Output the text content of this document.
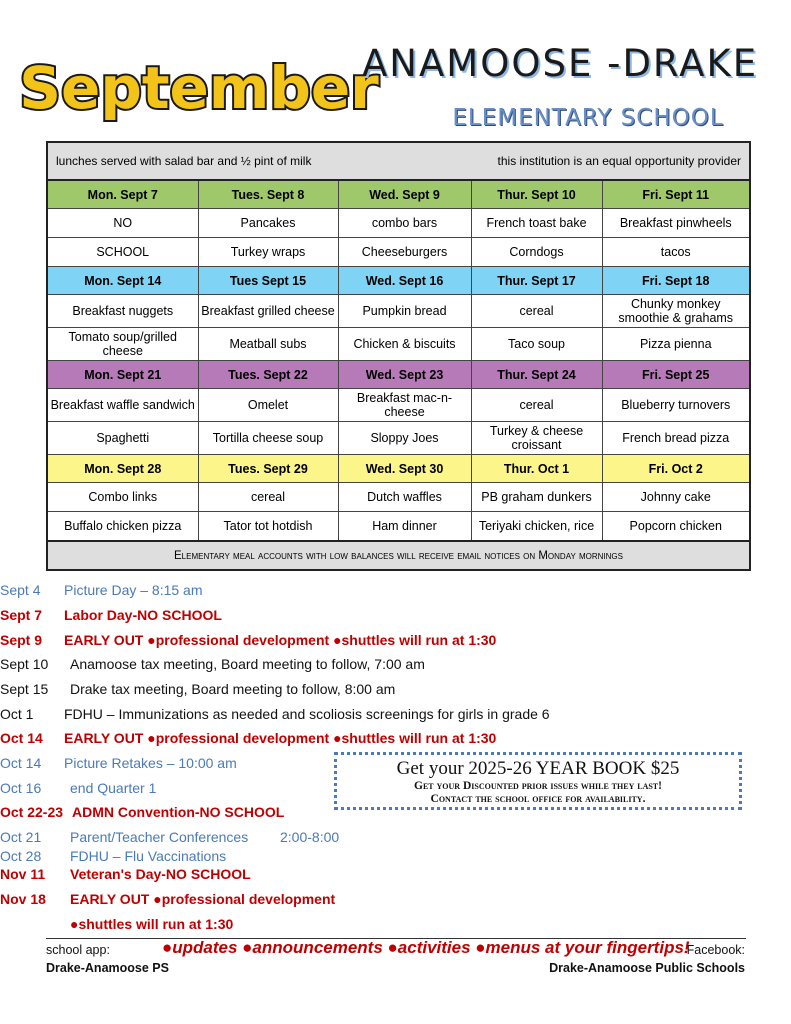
September
ANAMOOSE -DRAKE
ELEMENTARY SCHOOL
lunches served with salad bar and ½ pint of milk this institution is an equal opportunity provider				

Mon. Sept 7	Tues. Sept 8	Wed. Sept 9	Thur. Sept 10	Fri. Sept 11
NO	Pancakes	combo bars	French toast bake	Breakfast pinwheels
SCHOOL	Turkey wraps	Cheeseburgers	Corndogs	tacos
Mon. Sept 14	Tues Sept 15	Wed. Sept 16	Thur. Sept 17	Fri. Sept 18
Breakfast nuggets	Breakfast grilled cheese	Pumpkin bread	cereal	Chunky monkey smoothie & grahams
Tomato soup/grilled cheese	Meatball subs	Chicken & biscuits	Taco soup	Pizza pienna
Mon. Sept 21	Tues. Sept 22	Wed. Sept 23	Thur. Sept 24	Fri. Sept 25
Breakfast waffle sandwich	Omelet	Breakfast mac-n-cheese	cereal	Blueberry turnovers
Spaghetti	Tortilla cheese soup	Sloppy Joes	Turkey & cheese croissant	French bread pizza
Mon. Sept 28	Tues. Sept 29	Wed. Sept 30	Thur. Oct 1	Fri. Oct 2
Combo links	cereal	Dutch waffles	PB graham dunkers	Johnny cake
Buffalo chicken pizza	Tator tot hotdish	Ham dinner	Teriyaki chicken, rice	Popcorn chicken
Elementary meal accounts with low balances will receive email notices on Monday mornings				
Sept 4 Picture Day – 8:15 am
Sept 7 Labor Day-NO SCHOOL
Sept 9 EARLY OUT ●professional development ●shuttles will run at 1:30
Sept 10 Anamoose tax meeting, Board meeting to follow, 7:00 am
Sept 15 Drake tax meeting, Board meeting to follow, 8:00 am
Oct 1 FDHU – Immunizations as needed and scoliosis screenings for girls in grade 6
Oct 14 EARLY OUT ●professional development ●shuttles will run at 1:30
Oct 14 Picture Retakes – 10:00 am
Oct 16 end Quarter 1
Oct 22-23 ADMN Convention-NO SCHOOL
Oct 21 Parent/Teacher Conferences 2:00-8:00
Oct 28 FDHU – Flu Vaccinations
Nov 11 Veteran's Day-NO SCHOOL
Nov 18 EARLY OUT ●professional development
●shuttles will run at 1:30
Get your 2025-26 YEAR BOOK $25
Get your Discounted prior issues while they last!
Contact the school office for availability.
school app:
Drake-Anamoose PS
●updates ●announcements ●activities ●menus at your fingertips!
Facebook:
Drake-Anamoose Public Schools
